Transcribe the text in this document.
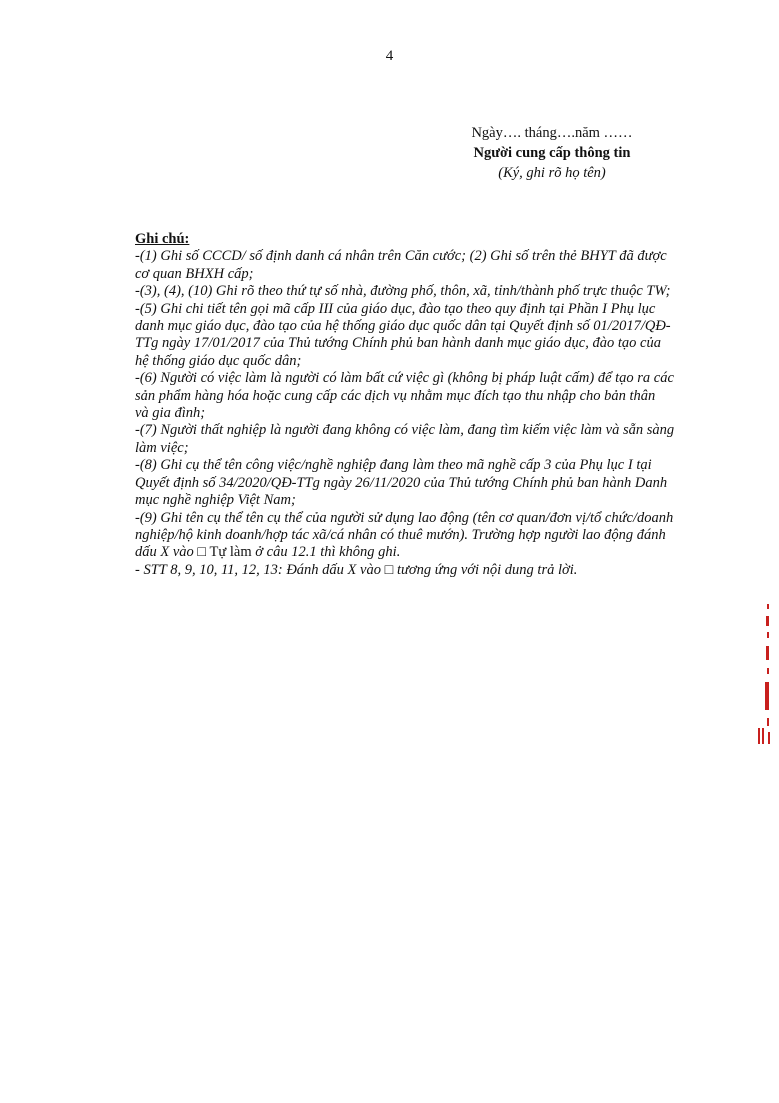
4
Ngày…. tháng….năm ……
Người cung cấp thông tin
(Ký, ghi rõ họ tên)
Ghi chú:
-(1) Ghi số CCCD/ số định danh cá nhân trên Căn cước; (2) Ghi số trên thẻ BHYT đã được
cơ quan BHXH cấp;
-(3), (4), (10) Ghi rõ theo thứ tự số nhà, đường phố, thôn, xã, tỉnh/thành phố trực thuộc TW;
-(5) Ghi chi tiết tên gọi mã cấp III của giáo dục, đào tạo theo quy định tại Phần I Phụ lục
danh mục giáo dục, đào tạo của hệ thống giáo dục quốc dân tại Quyết định số 01/2017/QĐ-
TTg ngày 17/01/2017 của Thủ tướng Chính phủ ban hành danh mục giáo dục, đào tạo của
hệ thống giáo dục quốc dân;
-(6) Người có việc làm là người có làm bất cứ việc gì (không bị pháp luật cấm) để tạo ra các
sản phẩm hàng hóa hoặc cung cấp các dịch vụ nhằm mục đích tạo thu nhập cho bản thân
và gia đình;
-(7) Người thất nghiệp là người đang không có việc làm, đang tìm kiếm việc làm và sẵn sàng
làm việc;
-(8) Ghi cụ thể tên công việc/nghề nghiệp đang làm theo mã nghề cấp 3 của Phụ lục I tại
Quyết định số 34/2020/QĐ-TTg ngày 26/11/2020 của Thủ tướng Chính phủ ban hành Danh
mục nghề nghiệp Việt Nam;
-(9) Ghi tên cụ thể tên cụ thể của người sử dụng lao động (tên cơ quan/đơn vị/tổ chức/doanh
nghiệp/hộ kinh doanh/hợp tác xã/cá nhân có thuê mướn). Trường hợp người lao động đánh
dấu X vào □ Tự làm ở câu 12.1 thì không ghi.
- STT 8, 9, 10, 11, 12, 13: Đánh dấu X vào □ tương ứng với nội dung trả lời.
